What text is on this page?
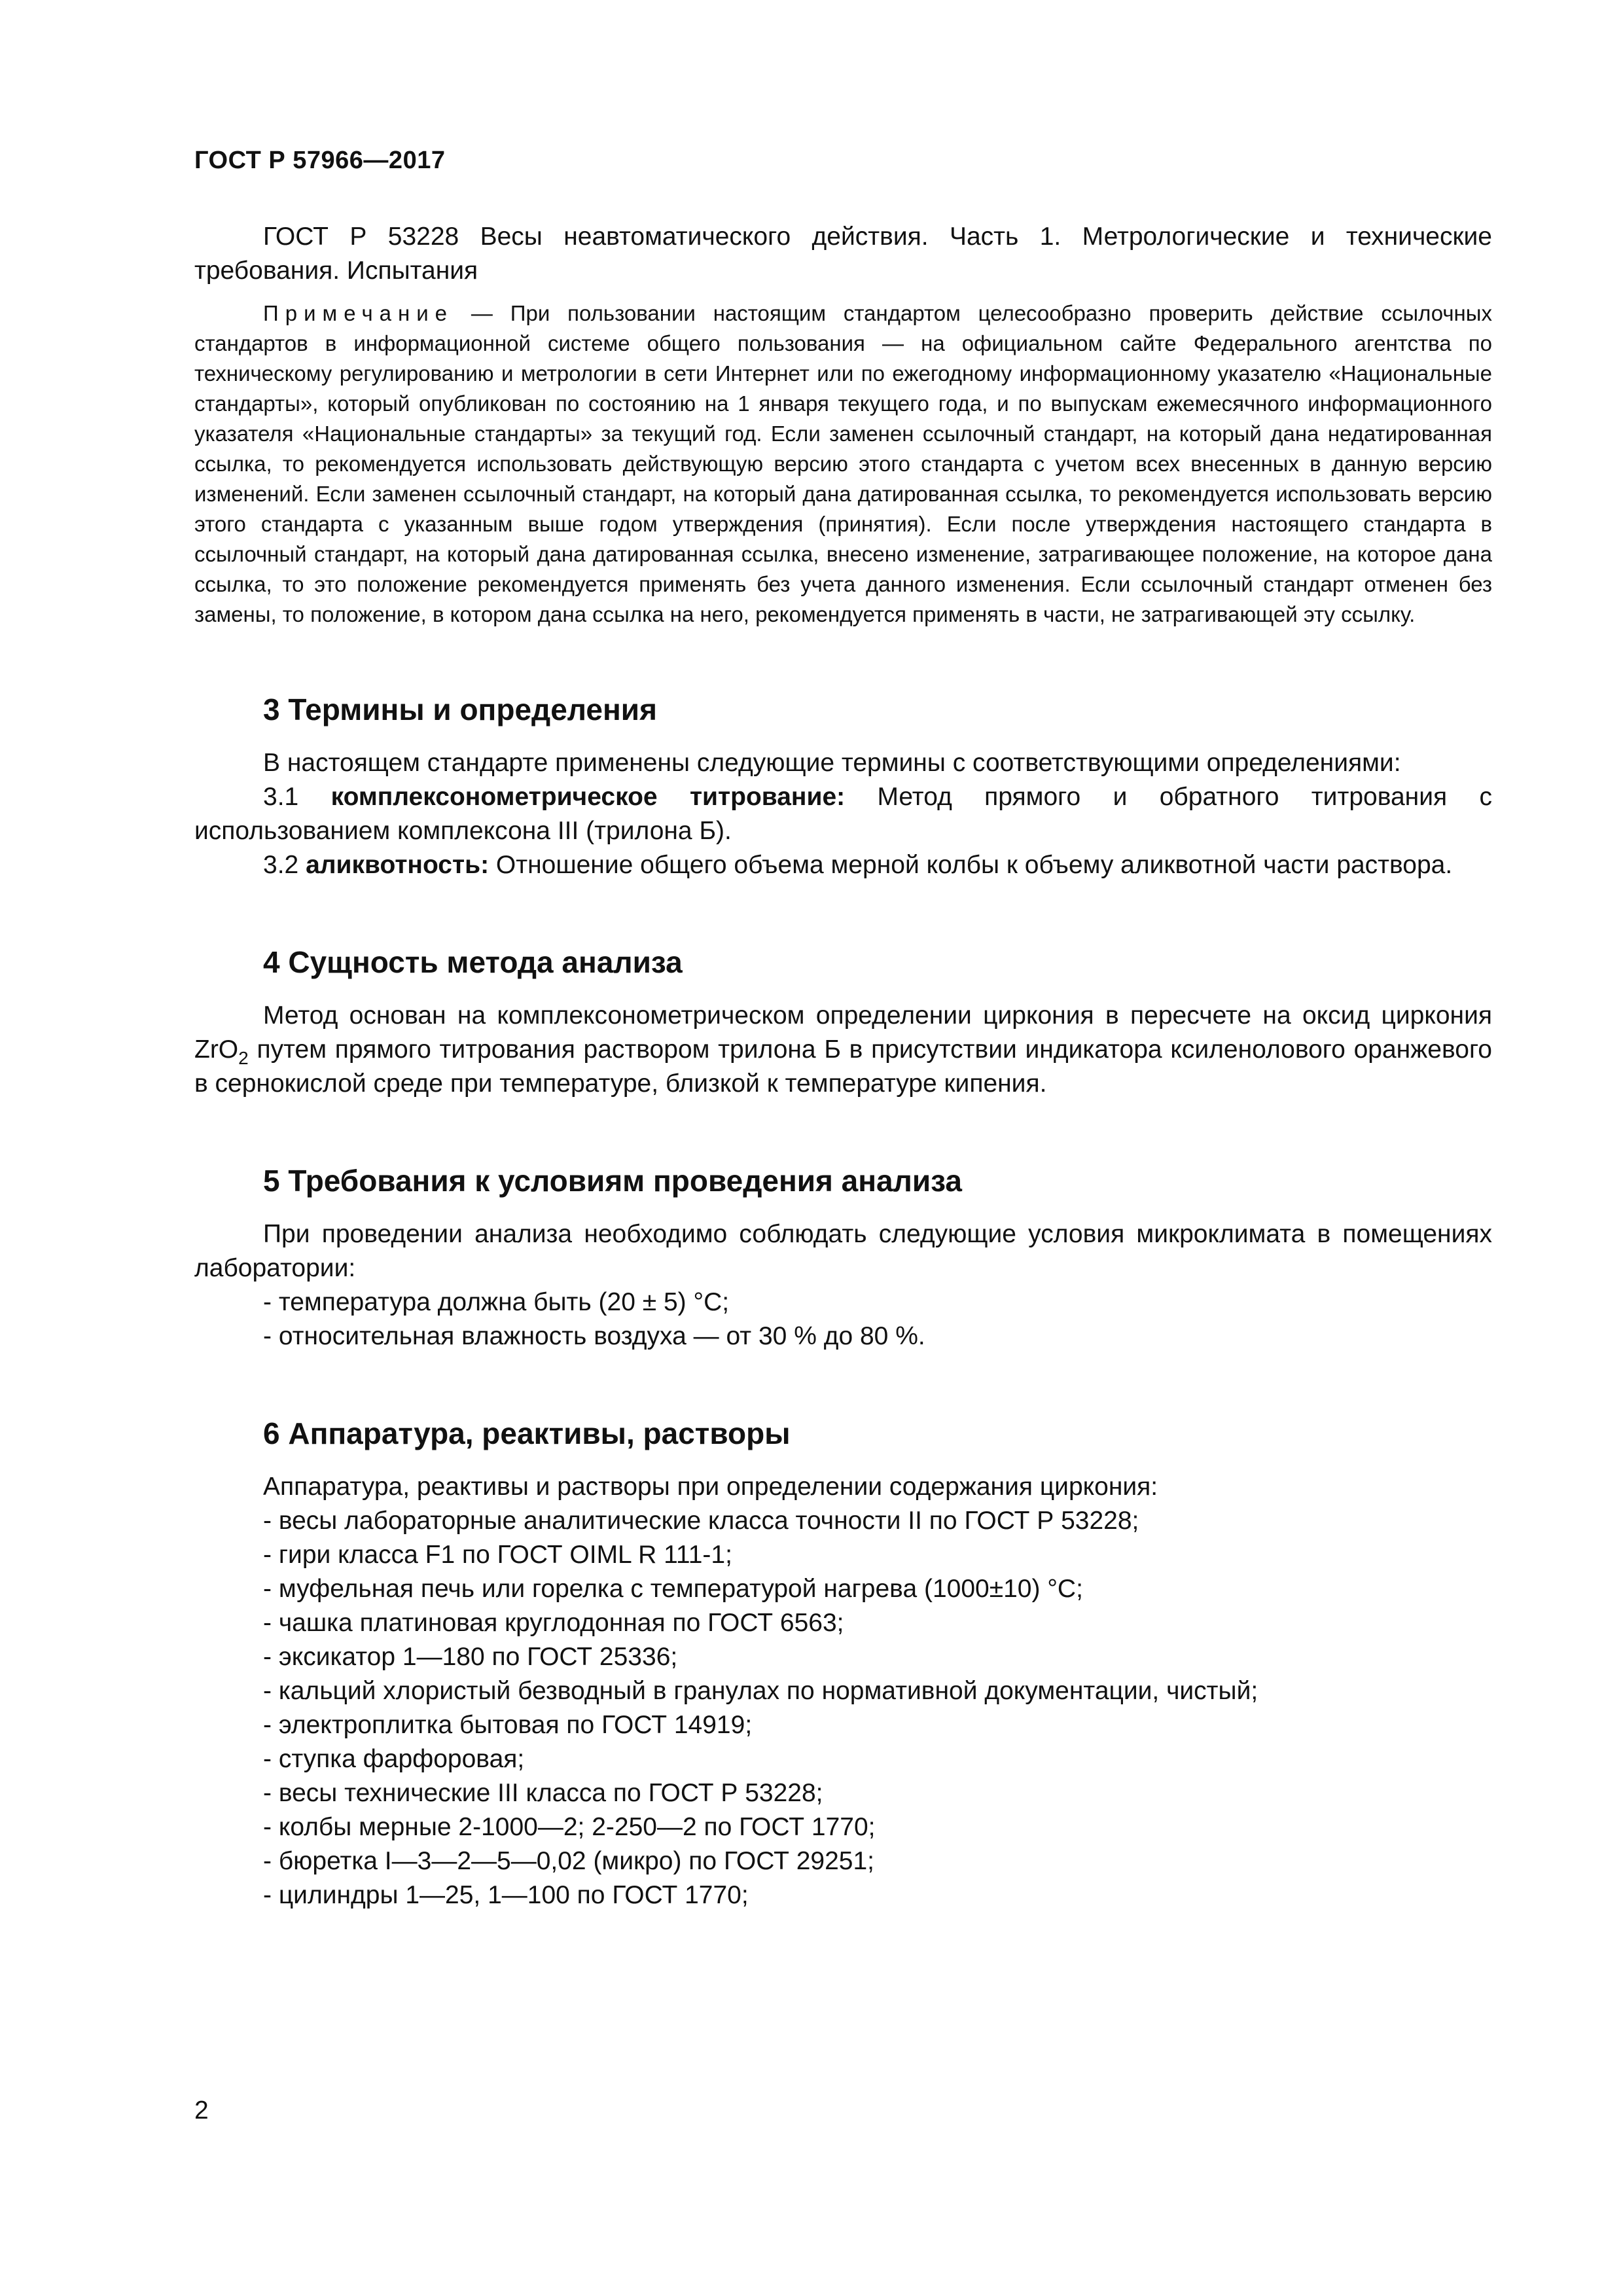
ГОСТ Р 57966—2017

ГОСТ Р 53228 Весы неавтоматического действия. Часть 1. Метрологические и технические требования. Испытания

Примечание — При пользовании настоящим стандартом целесообразно проверить действие ссылочных стандартов в информационной системе общего пользования — на официальном сайте Федерального агентства по техническому регулированию и метрологии в сети Интернет или по ежегодному информационному указателю «Национальные стандарты», который опубликован по состоянию на 1 января текущего года, и по выпускам ежемесячного информационного указателя «Национальные стандарты» за текущий год. Если заменен ссылочный стандарт, на который дана недатированная ссылка, то рекомендуется использовать действующую версию этого стандарта с учетом всех внесенных в данную версию изменений. Если заменен ссылочный стандарт, на который дана датированная ссылка, то рекомендуется использовать версию этого стандарта с указанным выше годом утверждения (принятия). Если после утверждения настоящего стандарта в ссылочный стандарт, на который дана датированная ссылка, внесено изменение, затрагивающее положение, на которое дана ссылка, то это положение рекомендуется применять без учета данного изменения. Если ссылочный стандарт отменен без замены, то положение, в котором дана ссылка на него, рекомендуется применять в части, не затрагивающей эту ссылку.

3 Термины и определения

В настоящем стандарте применены следующие термины с соответствующими определениями:

3.1 комплексонометрическое титрование: Метод прямого и обратного титрования с использованием комплексона III (трилона Б).

3.2 аликвотность: Отношение общего объема мерной колбы к объему аликвотной части раствора.

4 Сущность метода анализа

Метод основан на комплексонометрическом определении циркония в пересчете на оксид циркония ZrO$_2$ путем прямого титрования раствором трилона Б в присутствии индикатора ксиленолового оранжевого в сернокислой среде при температуре, близкой к температуре кипения.

5 Требования к условиям проведения анализа

При проведении анализа необходимо соблюдать следующие условия микроклимата в помещениях лаборатории:

- температура должна быть (20 ± 5) °С;
- относительная влажность воздуха — от 30 % до 80 %.
6 Аппаратура, реактивы, растворы

Аппаратура, реактивы и растворы при определении содержания циркония:

- весы лабораторные аналитические класса точности II по ГОСТ Р 53228;
- гири класса F1 по ГОСТ OIML R 111-1;
- муфельная печь или горелка с температурой нагрева (1000±10) °С;
- чашка платиновая круглодонная по ГОСТ 6563;
- эксикатор 1—180 по ГОСТ 25336;
- кальций хлористый безводный в гранулах по нормативной документации, чистый;
- электроплитка бытовая по ГОСТ 14919;
- ступка фарфоровая;
- весы технические III класса по ГОСТ Р 53228;
- колбы мерные 2-1000—2; 2-250—2 по ГОСТ 1770;
- бюретка I—3—2—5—0,02 (микро) по ГОСТ 29251;
- цилиндры 1—25, 1—100 по ГОСТ 1770;
2
